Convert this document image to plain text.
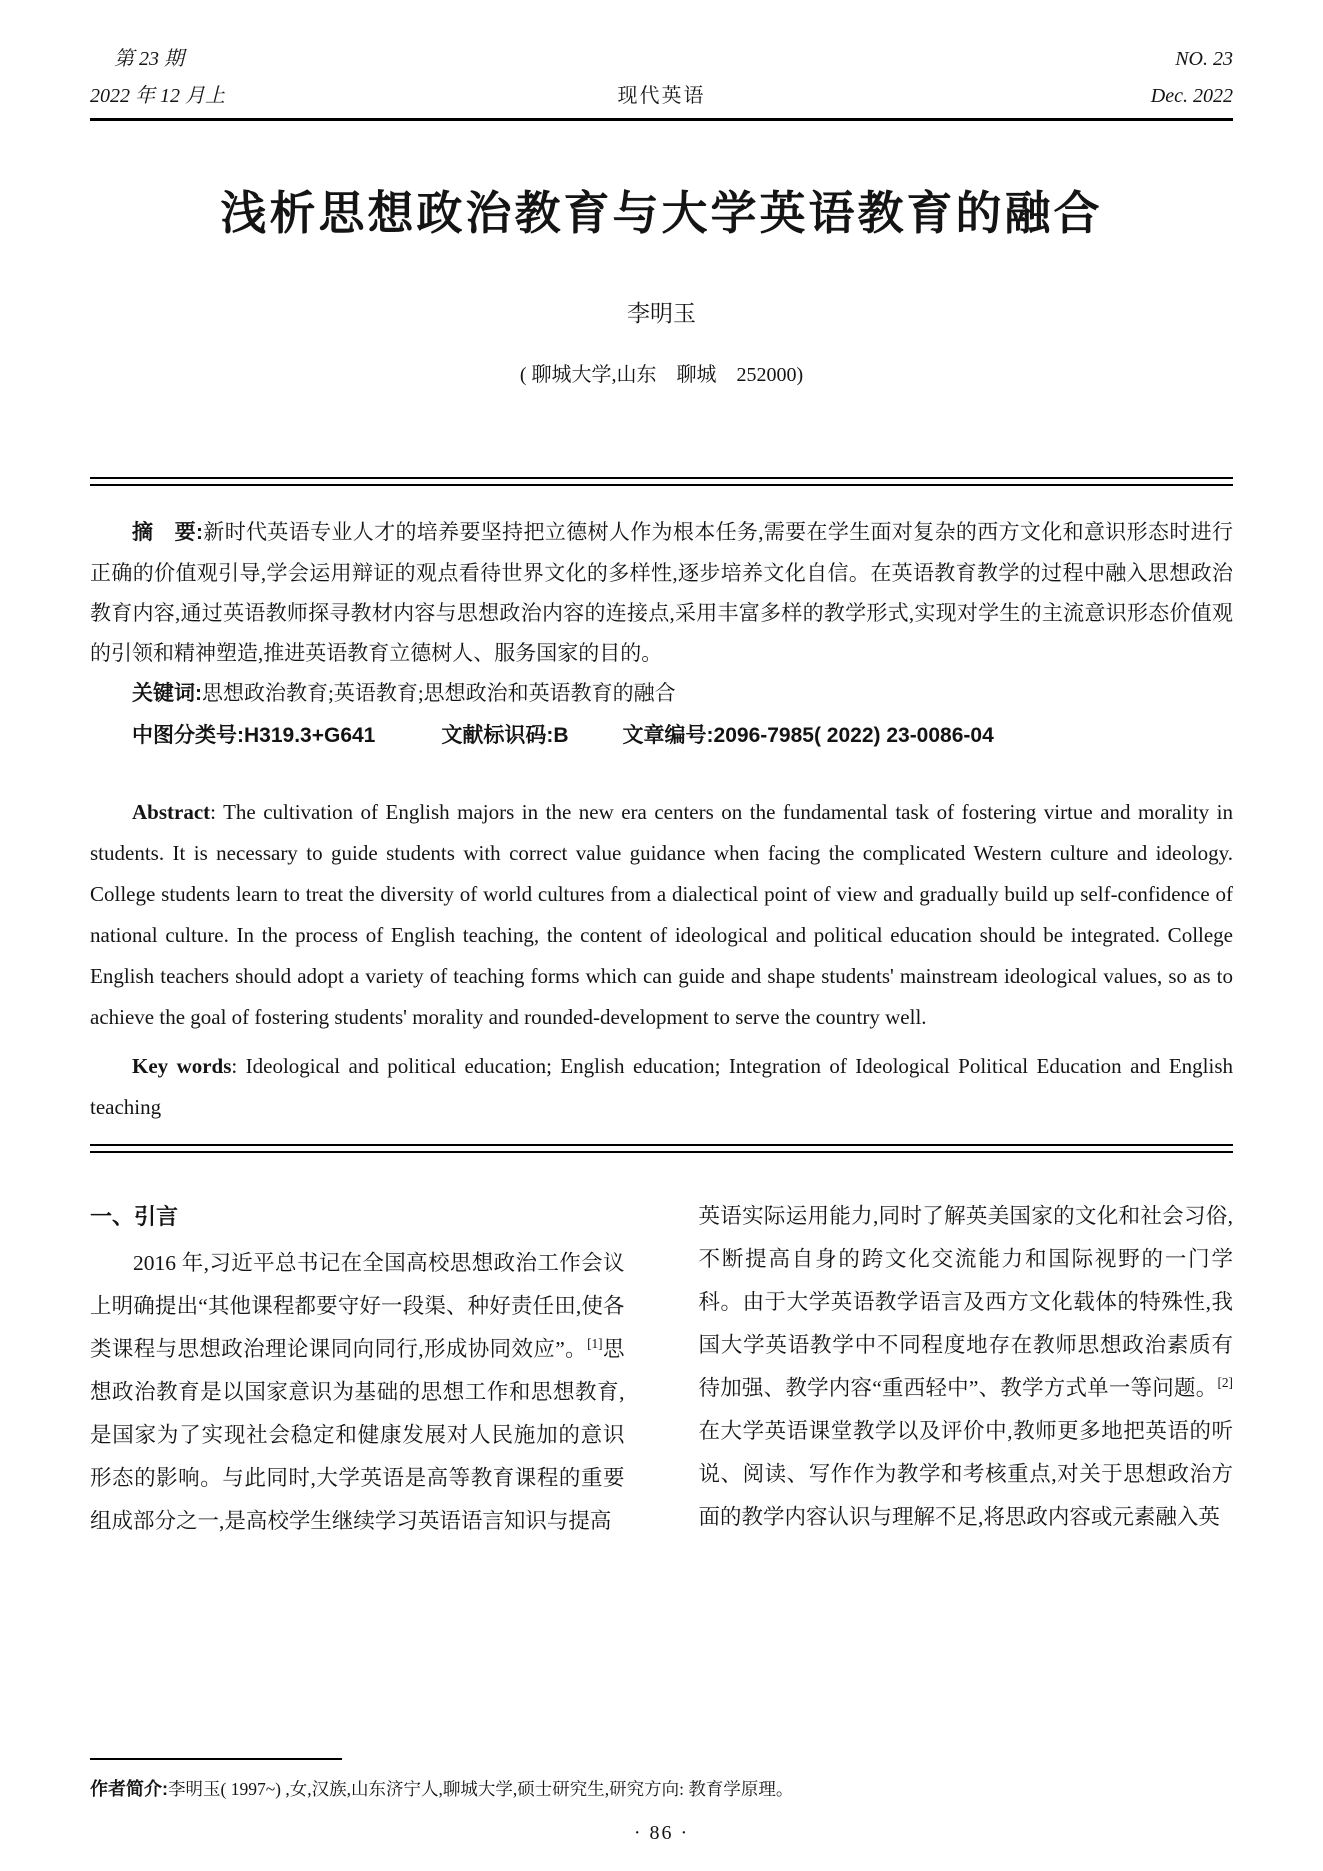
第 23 期	NO. 23
2022 年 12 月上	现代英语	Dec. 2022
浅析思想政治教育与大学英语教育的融合
李明玉
( 聊城大学,山东　聊城　252000)

摘　要:新时代英语专业人才的培养要坚持把立德树人作为根本任务,需要在学生面对复杂的西方文化和意识形态时进行正确的价值观引导,学会运用辩证的观点看待世界文化的多样性,逐步培养文化自信。在英语教育教学的过程中融入思想政治教育内容,通过英语教师探寻教材内容与思想政治内容的连接点,采用丰富多样的教学形式,实现对学生的主流意识形态价值观的引领和精神塑造,推进英语教育立德树人、服务国家的目的。

关键词:思想政治教育;英语教育;思想政治和英语教育的融合

中图分类号:H319.3+G641	文献标识码:B	文章编号:2096-7985( 2022) 23-0086-04

Abstract: The cultivation of English majors in the new era centers on the fundamental task of fostering virtue and morality in students. It is necessary to guide students with correct value guidance when facing the complicated Western culture and ideology. College students learn to treat the diversity of world cultures from a dialectical point of view and gradually build up self-confidence of national culture. In the process of English teaching, the content of ideological and political education should be integrated. College English teachers should adopt a variety of teaching forms which can guide and shape students' mainstream ideological values, so as to achieve the goal of fostering students' morality and rounded-development to serve the country well.

Key words: Ideological and political education; English education; Integration of Ideological Political Education and English teaching

一、引言

2016 年,习近平总书记在全国高校思想政治工作会议上明确提出“其他课程都要守好一段渠、种好责任田,使各类课程与思想政治理论课同向同行,形成协同效应”。[1]思想政治教育是以国家意识为基础的思想工作和思想教育,是国家为了实现社会稳定和健康发展对人民施加的意识形态的影响。与此同时,大学英语是高等教育课程的重要组成部分之一,是高校学生继续学习英语语言知识与提高

英语实际运用能力,同时了解英美国家的文化和社会习俗,不断提高自身的跨文化交流能力和国际视野的一门学科。由于大学英语教学语言及西方文化载体的特殊性,我国大学英语教学中不同程度地存在教师思想政治素质有待加强、教学内容“重西轻中”、教学方式单一等问题。[2]在大学英语课堂教学以及评价中,教师更多地把英语的听说、阅读、写作作为教学和考核重点,对关于思想政治方面的教学内容认识与理解不足,将思政内容或元素融入英

作者简介:李明玉( 1997~) ,女,汉族,山东济宁人,聊城大学,硕士研究生,研究方向: 教育学原理。

· 86 ·
